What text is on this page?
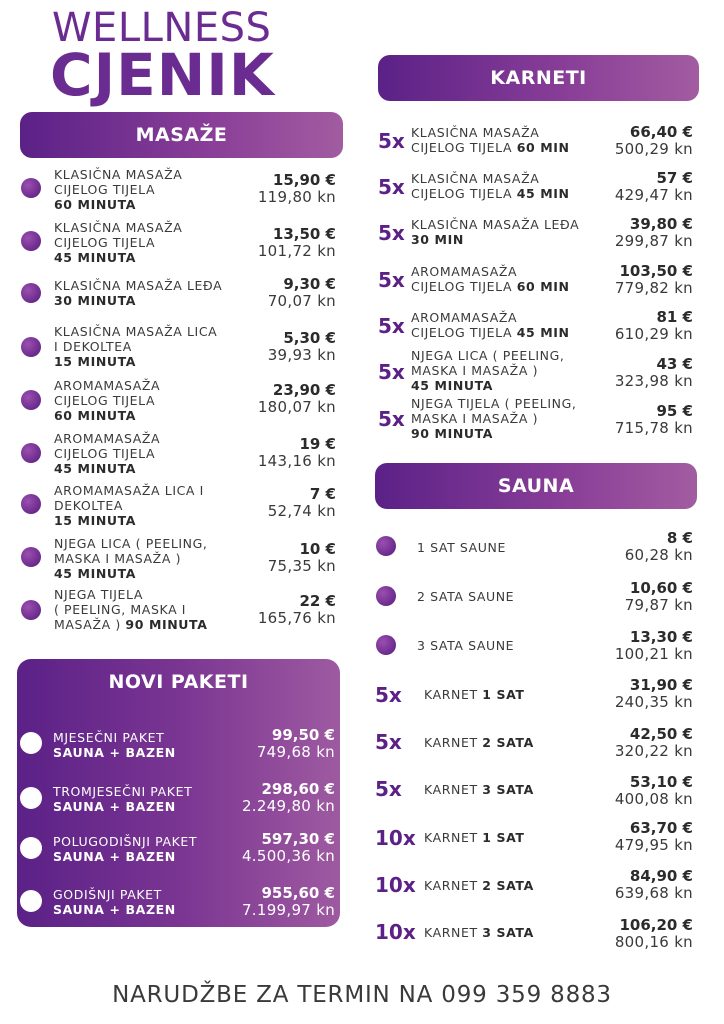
WELLNESS
CJENIK
MASAŽE
KLASIČNA MASAŽA
CIJELOG TIJELA
60 MINUTA
15,90 €
119,80 kn
KLASIČNA MASAŽA
CIJELOG TIJELA
45 MINUTA
13,50 €
101,72 kn
KLASIČNA MASAŽA LEĐA
30 MINUTA
9,30 €
70,07 kn
KLASIČNA MASAŽA LICA
I DEKOLTEA
15 MINUTA
5,30 €
39,93 kn
AROMAMASAŽA
CIJELOG TIJELA
60 MINUTA
23,90 €
180,07 kn
AROMAMASAŽA
CIJELOG TIJELA
45 MINUTA
19 €
143,16 kn
AROMAMASAŽA LICA I
DEKOLTEA
15 MINUTA
7 €
52,74 kn
NJEGA LICA ( PEELING,
MASKA I MASAŽA )
45 MINUTA
10 €
75,35 kn
NJEGA TIJELA
( PEELING, MASKA I
MASAŽA ) 90 MINUTA
22 €
165,76 kn
NOVI PAKETI
MJESEČNI PAKET
SAUNA + BAZEN
99,50 €
749,68 kn
TROMJESEČNI PAKET
SAUNA + BAZEN
298,60 €
2.249,80 kn
POLUGODIŠNJI PAKET
SAUNA + BAZEN
597,30 €
4.500,36 kn
GODIŠNJI PAKET
SAUNA + BAZEN
955,60 €
7.199,97 kn
KARNETI
5x KLASIČNA MASAŽA
CIJELOG TIJELA 60 MIN
66,40 €
500,29 kn
5x KLASIČNA MASAŽA
CIJELOG TIJELA 45 MIN
57 €
429,47 kn
5x KLASIČNA MASAŽA LEĐA
30 MIN
39,80 €
299,87 kn
5x AROMAMASAŽA
CIJELOG TIJELA 60 MIN
103,50 €
779,82 kn
5x AROMAMASAŽA
CIJELOG TIJELA 45 MIN
81 €
610,29 kn
5x
NJEGA LICA ( PEELING,
MASKA I MASAŽA )
45 MINUTA
43 €
323,98 kn
5x
NJEGA TIJELA ( PEELING,
MASKA I MASAŽA )
90 MINUTA
95 €
715,78 kn
SAUNA
1 SAT SAUNE
8 €
60,28 kn
2 SATA SAUNE	10,60 €
79,87 kn
3 SATA SAUNE	13,30 €
100,21 kn
5x KARNET 1 SAT
31,90 €
240,35 kn
5x KARNET 2 SATA	42,50 €
320,22 kn
5x KARNET 3 SATA	53,10 €
400,08 kn
10x KARNET 1 SAT
63,70 €
479,95 kn
10x KARNET 2 SATA
84,90 €
639,68 kn
10x KARNET 3 SATA	106,20 €
800,16 kn
NARUDŽBE ZA TERMIN NA 099 359 8883
